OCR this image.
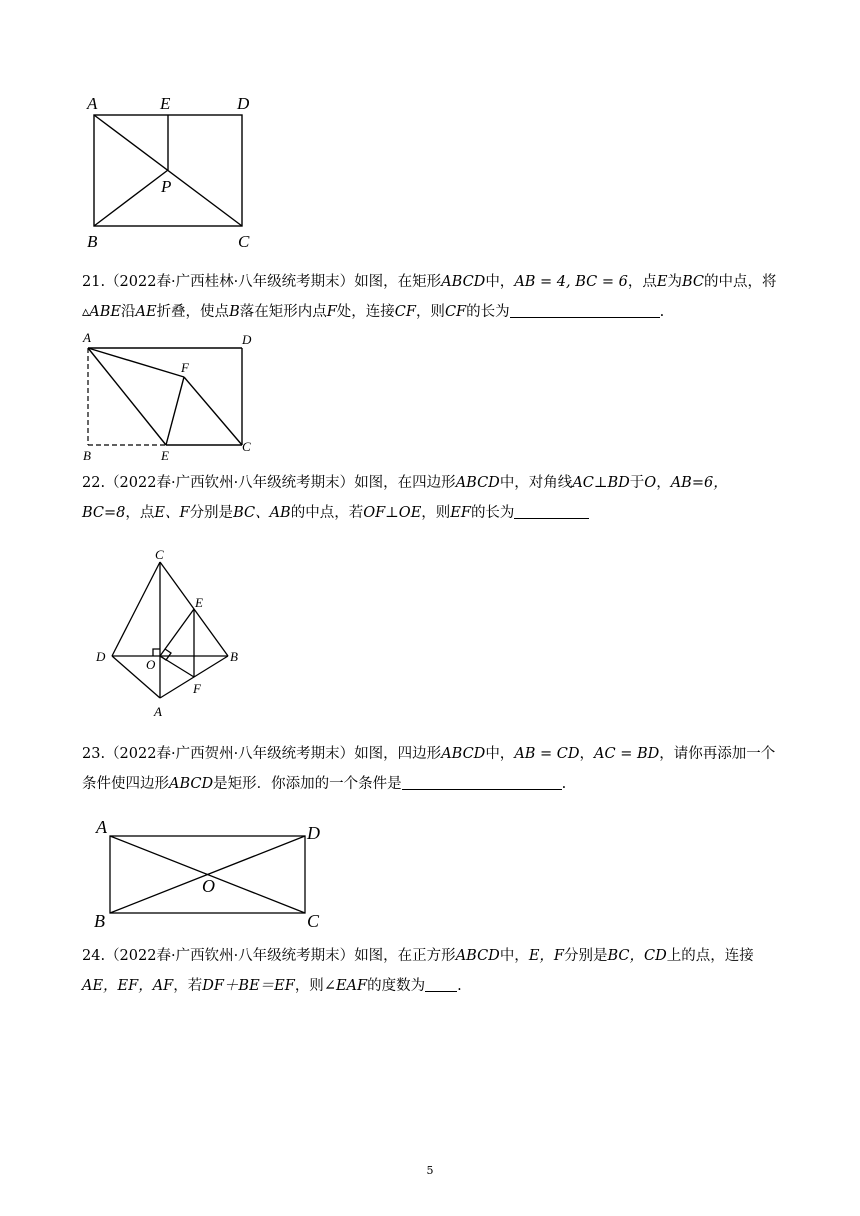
A	E	D
P
B	C

21.（2022春·广西桂林·八年级统考期末）如图，在矩形ABCD中，AB = 4, BC = 6，点E为BC的中点，将▵ABE沿AE折叠，使点B落在矩形内点F处，连接CF，则CF的长为	.

A	D
F
B	E
C

22.（2022春·广西钦州·八年级统考期末）如图，在四边形ABCD中，对角线AC⊥BD于O，AB=6，BC=8，点E、F分别是BC、AB的中点，若OF⊥OE，则EF的长为

C
E
D
O
B
F
A

23.（2022春·广西贺州·八年级统考期末）如图，四边形ABCD中，AB = CD，AC = BD，请你再添加一个条件使四边形ABCD是矩形．你添加的一个条件是	.

A	D
O
B	C

24.（2022春·广西钦州·八年级统考期末）如图，在正方形ABCD中，E，F分别是BC，CD上的点，连接AE，EF，AF，若DF＋BE＝EF，则∠EAF的度数为 .

5
